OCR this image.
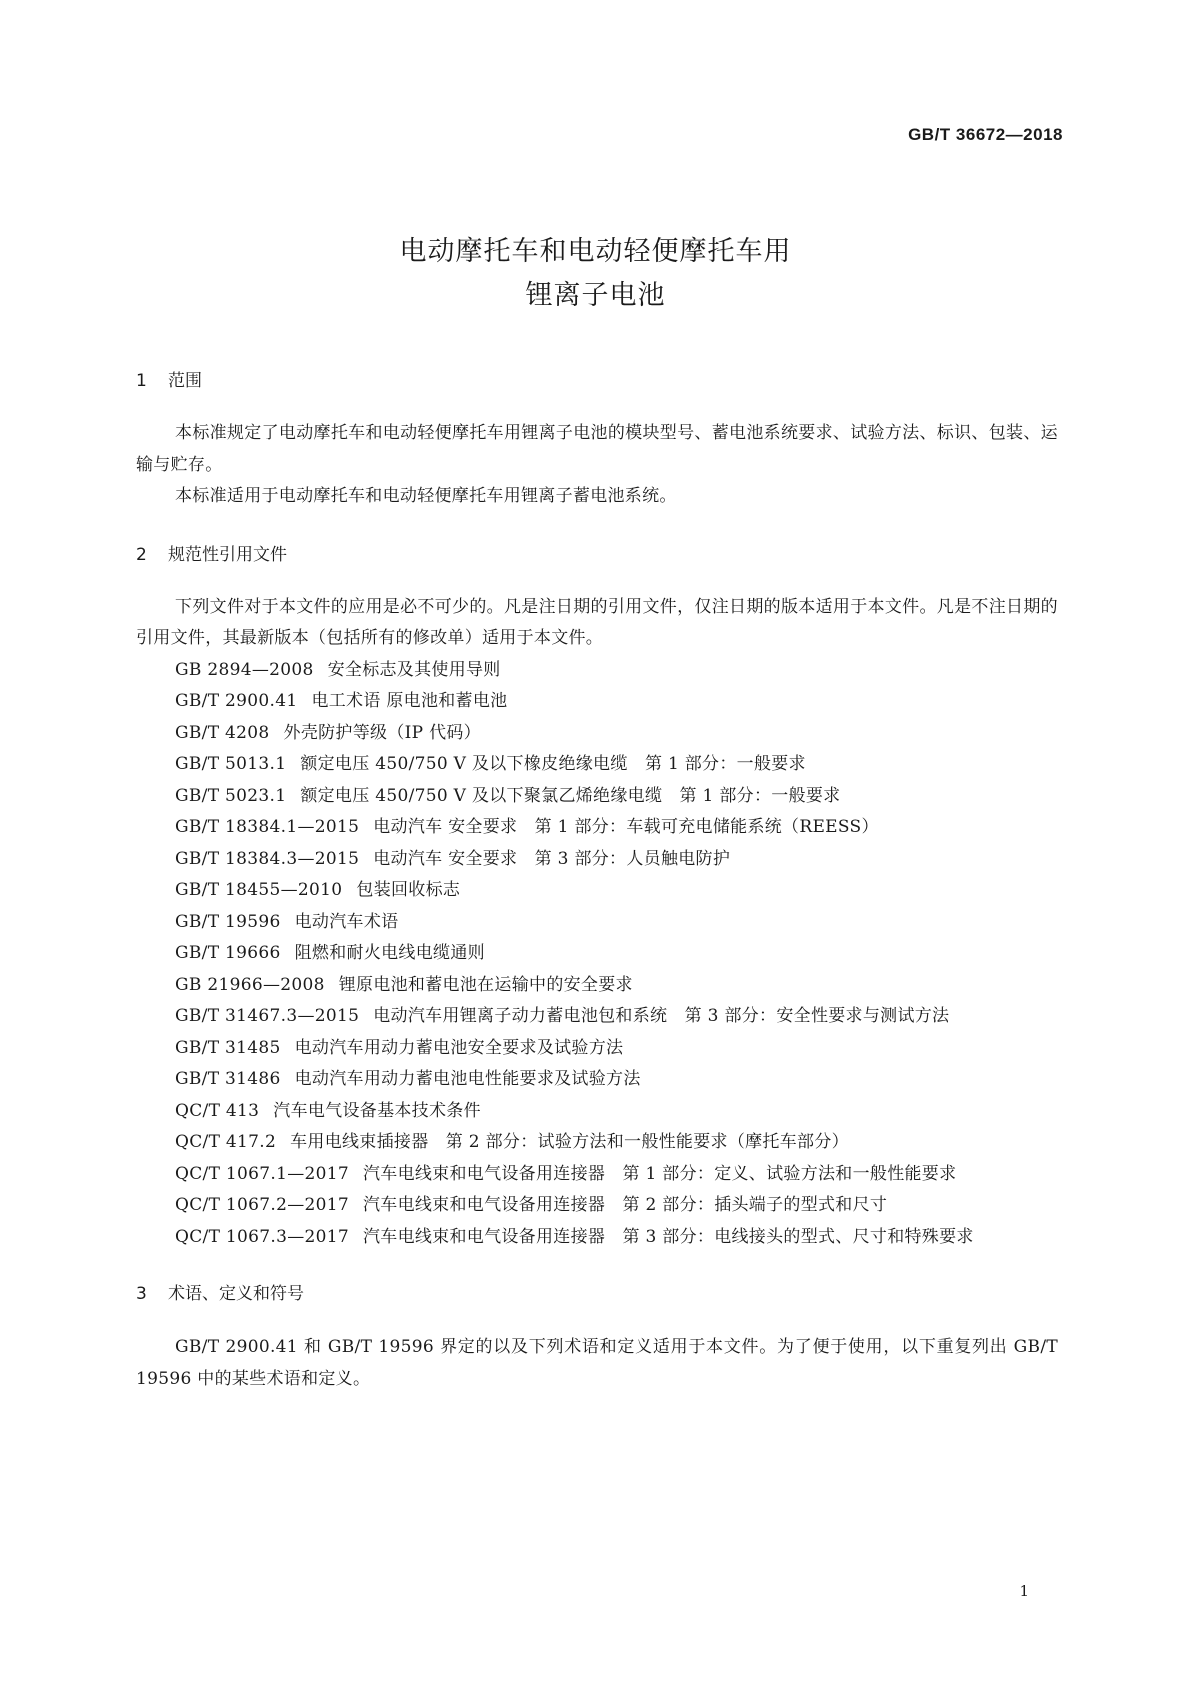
GB/T 36672—2018
电动摩托车和电动轻便摩托车用
锂离子电池
1 范围
本标准规定了电动摩托车和电动轻便摩托车用锂离子电池的模块型号、蓄电池系统要求、试验方法、标识、包装、运输与贮存。
本标准适用于电动摩托车和电动轻便摩托车用锂离子蓄电池系统。
2 规范性引用文件
下列文件对于本文件的应用是必不可少的。凡是注日期的引用文件，仅注日期的版本适用于本文件。凡是不注日期的引用文件，其最新版本（包括所有的修改单）适用于本文件。
GB 2894—2008 安全标志及其使用导则
GB/T 2900.41 电工术语 原电池和蓄电池
GB/T 4208 外壳防护等级（IP 代码）
GB/T 5013.1 额定电压 450/750 V 及以下橡皮绝缘电缆　第 1 部分：一般要求
GB/T 5023.1 额定电压 450/750 V 及以下聚氯乙烯绝缘电缆　第 1 部分：一般要求
GB/T 18384.1—2015 电动汽车 安全要求　第 1 部分：车载可充电储能系统（REESS）
GB/T 18384.3—2015 电动汽车 安全要求　第 3 部分：人员触电防护
GB/T 18455—2010 包装回收标志
GB/T 19596 电动汽车术语
GB/T 19666 阻燃和耐火电线电缆通则
GB 21966—2008 锂原电池和蓄电池在运输中的安全要求
GB/T 31467.3—2015 电动汽车用锂离子动力蓄电池包和系统　第 3 部分：安全性要求与测试方法
GB/T 31485 电动汽车用动力蓄电池安全要求及试验方法
GB/T 31486 电动汽车用动力蓄电池电性能要求及试验方法
QC/T 413 汽车电气设备基本技术条件
QC/T 417.2 车用电线束插接器　第 2 部分：试验方法和一般性能要求（摩托车部分）
QC/T 1067.1—2017 汽车电线束和电气设备用连接器　第 1 部分：定义、试验方法和一般性能要求
QC/T 1067.2—2017 汽车电线束和电气设备用连接器　第 2 部分：插头端子的型式和尺寸
QC/T 1067.3—2017 汽车电线束和电气设备用连接器　第 3 部分：电线接头的型式、尺寸和特殊要求
3 术语、定义和符号
GB/T 2900.41 和 GB/T 19596 界定的以及下列术语和定义适用于本文件。为了便于使用，以下重复列出 GB/T 19596 中的某些术语和定义。
1
